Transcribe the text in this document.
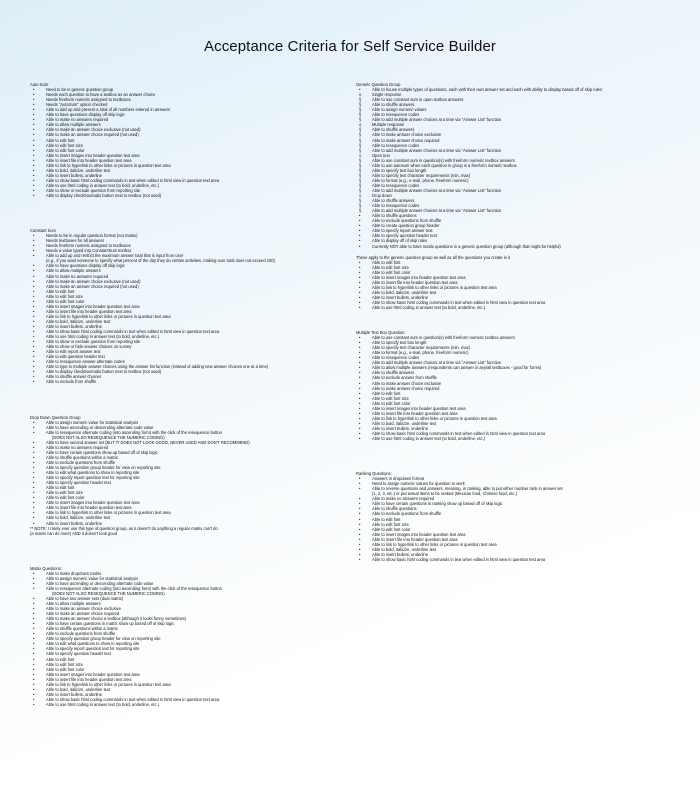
Acceptance Criteria for Self Service Builder
Auto-Sum
• Need to be in generic question group
• Needs each question to have a textbox as an answer choice
• Needs freeform numeric assigned to textboxes
• Needs "AutoSum" option checked
• Able to add up and present a total of all numbers entered in answers
• Able to have questions display off skip logic
• Able to make no answers required
• Able to allow multiple answers
• Able to make an answer choice exclusive (not used)
• Able to make an answer choice required (not used)
• Able to edit font
• Able to edit font size
• Able to edit font color
• Able to insert images into header question text area
• Able to insert file into header question text area
• Able to link to hyperlink to other links or pictures in question text area
• Able to bold, italicize, underline text
• Able to insert bullets, underline
• Able to show basic html coding commands in text when edited in html view in question text area
• Able to use html coding in answer text (to bold, underline, etc.)
• Able to show or exclude question from reporting site
• Able to display checkbox/radio button next to textbox (not used)
Constant Sum
• Needs to be in regular question format (not matrix)
• Needs textboxes for all answers
• Needs freeform numeric assigned to textboxes
• Needs a value typed into ConstantSum textbox
• Able to add up and restrict the maximum answer total that is input from user
(e.g., if you want someone to specify what percent of the day they do certain activities, making sure total does not exceed 100)
• Able to have questions display off skip logic
• Able to allow multiple answers
• Able to make no answers required
• Able to make an answer choice exclusive (not used)
• Able to make an answer choice required (not used)
• Able to edit font
• Able to edit font size
• Able to edit font color
• Able to insert images into header question text area
• Able to insert file into header question text area
• Able to link to hyperlink to other links or pictures in question text area
• Able to bold, italicize, underline text
• Able to insert bullets, underline
• Able to show basic html coding commands in text when edited in html view in question text area
• Able to use html coding in answer text (to bold, underline, etc.)
• Able to show or exclude question from reporting site
• Able to show or hide answer choices on survey
• Able to edit report answer text
• Able to edit question header text
• Able to resequence answer alternate codes
• Able to type in multiple answer choices using the answer list function (instead of adding new answer choices one at a time)
• Able to display checkbox/radio button next to textbox (not used)
• Able to shuffle answer choices
• Able to exclude from shuffle
Drop Down Question Group
• Able to assign numeric value for statistical analysis
• Able to have ascending or descending alternate code value
• Able to resequence alternate coding (into ascending form) with the click of the resequence button
(DOES NOT ALSO RESEQUENCE THE NUMERIC CODING)
• Able to have second answer set (BUT IT DOES NOT LOOK GOOD, NEVER USED AND DON'T RECOMMEND)
• Able to make no answers required
• Able to have certain questions show up based off of skip logic
• Able to shuffle questions within a matrix
• Able to exclude questions from shuffle
• Able to specify question group header for view on reporting site
• Able to edit what questions to show in reporting site
• Able to specify report question text for reporting site
• Able to specify question header text
• Able to edit font
• Able to edit font size
• Able to edit font color
• Able to insert images into header question text area
• Able to insert file into header question text area
• Able to link to hyperlink to other links or pictures in question text area
• Able to bold, italicize, underline text
• Able to insert bullets, underline
** NOTE: I rarely ever use this type of question group, as it doesn't do anything a regular matrix can't do
(a matrix can do more) AND it doesn't look good
Matrix Questions:
• Able to make dropdown matrix
• Able to assign numeric value for statistical analysis
• Able to have ascending or descending alternate code value
• Able to resequence alternate coding (into ascending form) with the click of the resequence button
(DOES NOT ALSO RESEQUENCE THE NUMERIC CODING)
• Able to have two answer sets (dual matrix)
• Able to allow multiple answers
• Able to make an answer choice exclusive
• Able to make an answer choice required
• Able to make an answer choice a textbox (although it looks funny sometimes)
• Able to have certain questions in matrix show up based off of skip logic
• Able to shuffle questions within a matrix
• Able to exclude questions from shuffle
• Able to specify question group header for view on reporting site
• Able to edit what questions to show in reporting site
• Able to specify report question text for reporting site
• Able to specify question header text
• Able to edit font
• Able to edit font size
• Able to edit font color
• Able to insert images into header question text area
• Able to insert file into header question text area
• Able to link to hyperlink to other links or pictures in question text area
• Able to bold, italicize, underline text
• Able to insert bullets, underline
• Able to show basic html coding commands in text when edited in html view in question text area
• Able to use html coding in answer text (to bold, underline, etc.)
Generic Question Group
• Able to house multiple types of questions, each with their own answer set and each with ability to display based off of skip rules
o Single response
§ Able to use constant sum in open textbox answers
§ Able to shuffle answers
§ Able to assign numeric values
§ Able to resequence codes
§ Able to add multiple answer choices at a time via "Answer List" function
o Multiple response
§ Able to shuffle answers
§ Able to make answer choice exclusive
§ Able to make answer choice required
§ Able to resequence codes
§ Able to add multiple answer choices at a time via "Answer List" function
o Open text
§ Able to use constant sum in question(s) with freeform numeric textbox answers
§ Able to use autosum when each question in group is a freeform numeric textbox
§ Able to specify text box length
§ Able to specify text character requirements (min, max)
§ Able to format (e.g., e-mail, phone, freeform numeric)
§ Able to resequence codes
§ Able to add multiple answer choices at a time via "Answer List" function
o Drop down
§ Able to shuffle answers
§ Able to resequence codes
§ Able to add multiple answer choices at a time via "Answer List" function
• Able to shuffle questions
• Able to exclude questions from shuffle
• Able to create question group header
• Able to specify report answer text
• Able to specify question header text
• Able to display off of skip rules
• Currently NOT able to have matrix questions in a generic question group (although that might be helpful)
These apply to the generic question group as well as all the questions you create in it
• Able to edit font
• Able to edit font size
• Able to edit font color
• Able to insert images into header question text area
• Able to insert file into header question text area
• Able to link to hyperlink to other links or pictures in question text area
• Able to bold, italicize, underline text
• Able to insert bullets, underline
• Able to show basic html coding commands in text when edited in html view in question text area
• Able to use html coding in answer text (to bold, underline, etc.)
Multiple Text Box Question:
• Able to use constant sum in question(s) with freeform numeric textbox answers
• Able to specify text box length
• Able to specify text character requirements (min, max)
• Able to format (e.g., e-mail, phone, freeform numeric)
• Able to resequence codes
• Able to add multiple answer choices at a time via "Answer List" function
• Able to allow multiple answers (respondents can answer in any/all textboxes - good for forms)
• Able to shuffle answers
• Able to exclude answer from shuffle
• Able to make answer choice exclusive
• Able to make answer choice required
• Able to edit font
• Able to edit font size
• Able to edit font color
• Able to insert images into header question text area
• Able to insert file into header question text area
• Able to link to hyperlink to other links or pictures in question text area
• Able to bold, italicize, underline text
• Able to insert bullets, underline
• Able to show basic html coding commands in text when edited in html view in question text area
• Able to use html coding in answer text (to bold, underline, etc.)
Ranking Questions:
• Answers in dropdown format
• Need to assign numeric values for question to work
• Able to reverse questions and answers, meaning, in ranking, able to put either number rank in answer set
(1, 2, 3, etc.) or put actual items to be ranked (Mexican food, Chinese food, etc.)
• Able to make no answers required
• Able to have certain questions in ranking show up based off of skip logic
• Able to shuffle questions
• Able to exclude questions from shuffle
• Able to edit font
• Able to edit font size
• Able to edit font color
• Able to insert images into header question text area
• Able to insert file into header question text area
• Able to link to hyperlink to other links or pictures in question text area
• Able to bold, italicize, underline text
• Able to insert bullets, underline
• Able to show basic html coding commands in text when edited in html view in question text area
